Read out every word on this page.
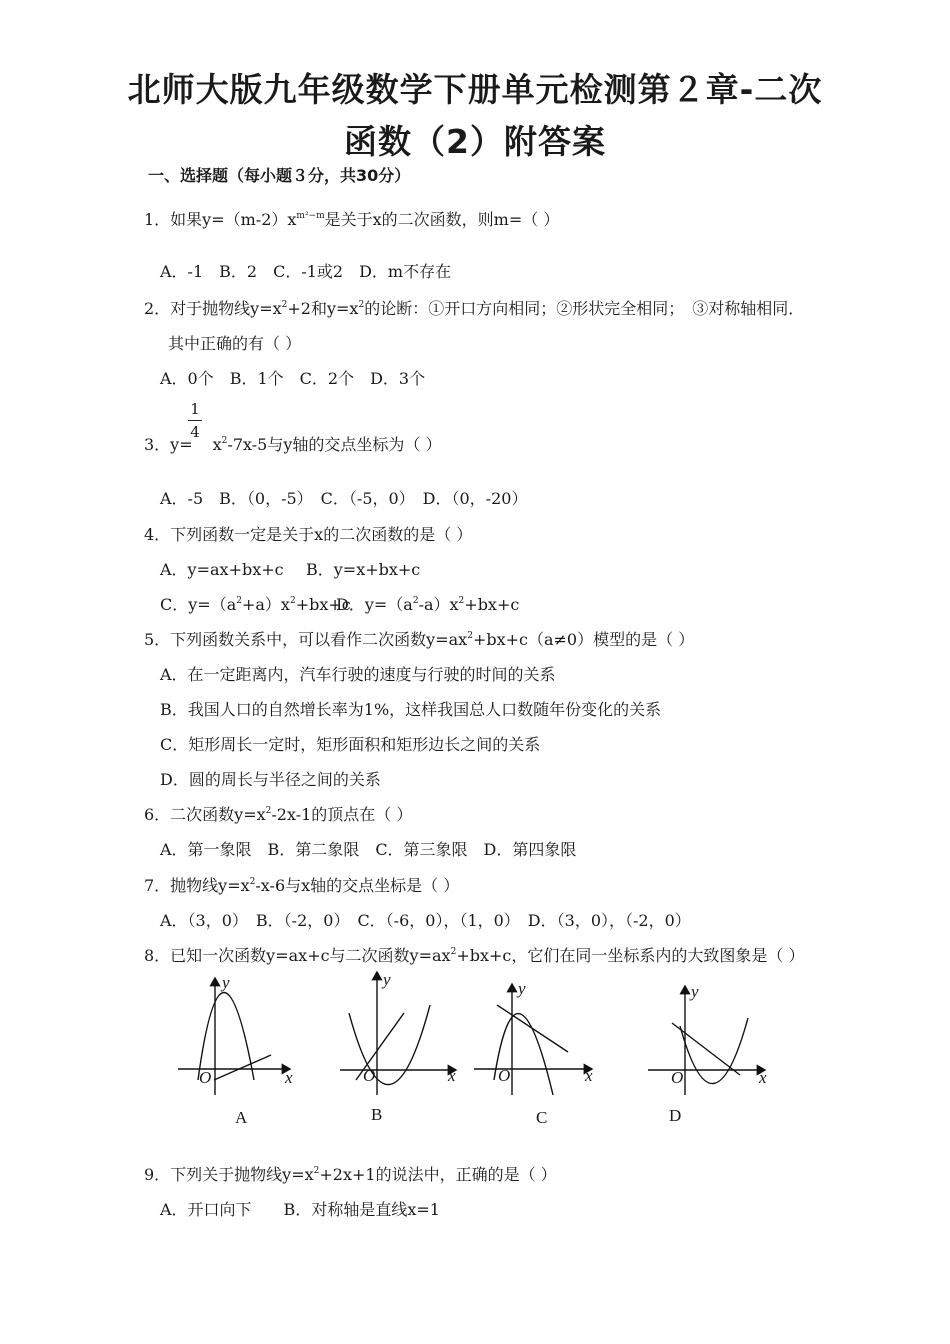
北师大版九年级数学下册单元检测第２章-二次
函数（2）附答案
一、选择题（每小题３分，共30分）
1．如果$y=(m-2)x^{m^2-m}$是关于x的二次函数，则m=（ ）
A．-1　B．2　C．-1或2　D．m不存在
2．对于抛物线$y=x^2+2$和$y=x^2$的论断：①开口方向相同；②形状完全相同；　③对称轴相同．
其中正确的有（ ）
A．0个　B．1个　C．2个　D．3个
1
4
3．$y= x^2-7x-5$与y轴的交点坐标为（ ）
A．-5　B．（0，-5）　C．（-5，0）　D．（0，-20）
4．下列函数一定是关于x的二次函数的是（ ）
A．y=ax+bx+c B．y=x+bx+c
C．$y=(a^2+a)x^2+bx+c$
D．$y=(a^2-a)x^2+bx+c$
5．下列函数关系中，可以看作二次函数$y=ax^2+bx+c(a\ne 0)$模型的是（ ）
A．在一定距离内，汽车行驶的速度与行驶的时间的关系
B．我国人口的自然增长率为1%，这样我国总人口数随年份变化的关系
C．矩形周长一定时，矩形面积和矩形边长之间的关系
D．圆的周长与半径之间的关系
6．二次函数$y=x^2-2x-1$的顶点在（ ）
A．第一象限　B．第二象限　C．第三象限　D．第四象限
7．抛物线$y=x^2-x-6$与x轴的交点坐标是（ ）
A．（3，0）　B．（-2，0）　C．（-6，0），（1，0）　D．（3，0），（-2，0）
8．已知一次函数y=ax+c与二次函数$y=ax^2+bx+c$，它们在同一坐标系内的大致图象是（ ）
y
x
O
A
y
x
O
B
y
x
O
C
y
x
O
D
9．下列关于抛物线$y=x^2+2x+1$的说法中，正确的是（ ）
A．开口向下　　B．对称轴是直线x=1
